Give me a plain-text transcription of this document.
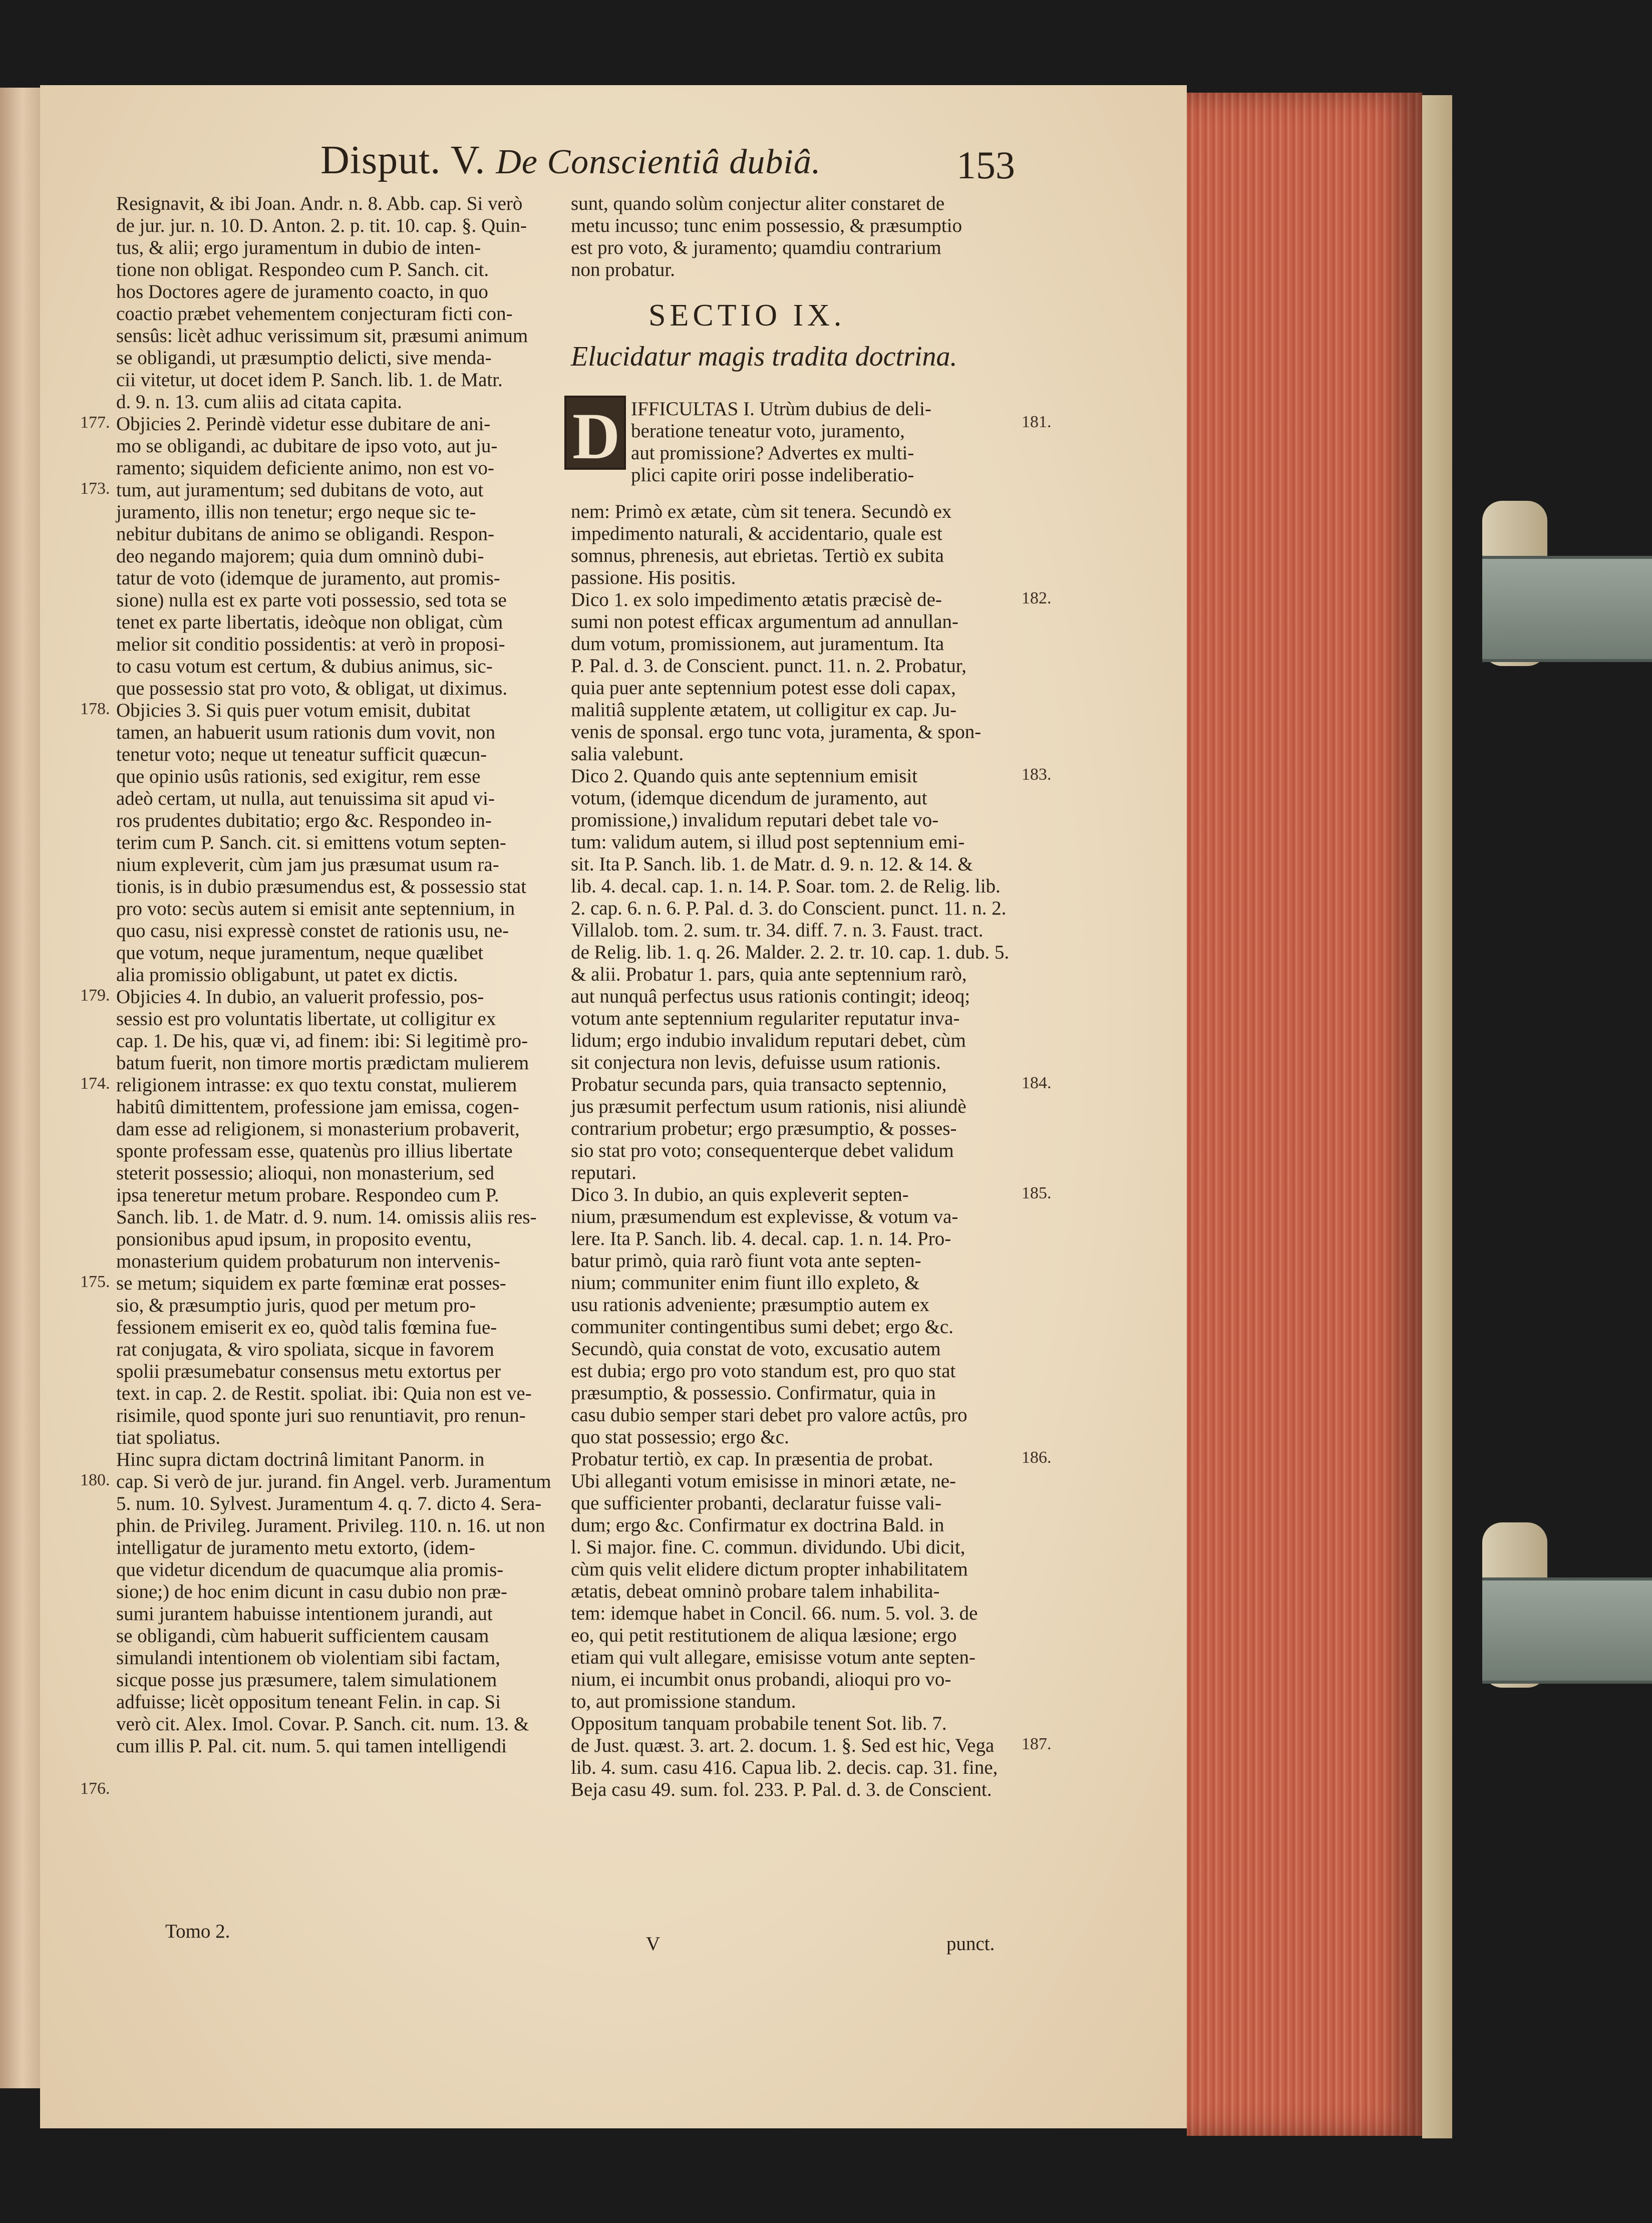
Disput. V. De Conscientiâ dubiâ.	153
Resignavit, & ibi Joan. Andr. n. 8. Abb. cap. Si verò
de jur. jur. n. 10. D. Anton. 2. p. tit. 10. cap. §. Quin-
tus, & alii; ergo juramentum in dubio de inten-
tione non obligat. Respondeo cum P. Sanch. cit.
hos Doctores agere de juramento coacto, in quo
coactio præbet vehementem conjecturam ficti con-
sensûs: licèt adhuc verissimum sit, præsumi animum
se obligandi, ut præsumptio delicti, sive menda-
cii vitetur, ut docet idem P. Sanch. lib. 1. de Matr.
d. 9. n. 13. cum aliis ad citata capita.
Objicies 2. Perindè videtur esse dubitare de ani-
mo se obligandi, ac dubitare de ipso voto, aut ju-
ramento; siquidem deficiente animo, non est vo-
tum, aut juramentum; sed dubitans de voto, aut
juramento, illis non tenetur; ergo neque sic te-
nebitur dubitans de animo se obligandi. Respon-
deo negando majorem; quia dum omninò dubi-
tatur de voto (idemque de juramento, aut promis-
sione) nulla est ex parte voti possessio, sed tota se
tenet ex parte libertatis, ideòque non obligat, cùm
melior sit conditio possidentis: at verò in proposi-
to casu votum est certum, & dubius animus, sic-
que possessio stat pro voto, & obligat, ut diximus.
Objicies 3. Si quis puer votum emisit, dubitat
tamen, an habuerit usum rationis dum vovit, non
tenetur voto; neque ut teneatur sufficit quæcun-
que opinio usûs rationis, sed exigitur, rem esse
adeò certam, ut nulla, aut tenuissima sit apud vi-
ros prudentes dubitatio; ergo &c. Respondeo in-
terim cum P. Sanch. cit. si emittens votum septen-
nium expleverit, cùm jam jus præsumat usum ra-
tionis, is in dubio præsumendus est, & possessio stat
pro voto: secùs autem si emisit ante septennium, in
quo casu, nisi expressè constet de rationis usu, ne-
que votum, neque juramentum, neque quælibet
alia promissio obligabunt, ut patet ex dictis.
Objicies 4. In dubio, an valuerit professio, pos-
sessio est pro voluntatis libertate, ut colligitur ex
cap. 1. De his, quæ vi, ad finem: ibi: Si legitimè pro-
batum fuerit, non timore mortis prædictam mulierem
religionem intrasse: ex quo textu constat, mulierem
habitû dimittentem, professione jam emissa, cogen-
dam esse ad religionem, si monasterium probaverit,
sponte professam esse, quatenùs pro illius libertate
steterit possessio; alioqui, non monasterium, sed
ipsa teneretur metum probare. Respondeo cum P.
Sanch. lib. 1. de Matr. d. 9. num. 14. omissis aliis res-
ponsionibus apud ipsum, in proposito eventu,
monasterium quidem probaturum non intervenis-
se metum; siquidem ex parte fœminæ erat posses-
sio, & præsumptio juris, quod per metum pro-
fessionem emiserit ex eo, quòd talis fœmina fue-
rat conjugata, & viro spoliata, sicque in favorem
spolii præsumebatur consensus metu extortus per
text. in cap. 2. de Restit. spoliat. ibi: Quia non est ve-
risimile, quod sponte juri suo renuntiavit, pro renun-
tiat spoliatus.
Hinc supra dictam doctrinâ limitant Panorm. in
cap. Si verò de jur. jurand. fin Angel. verb. Juramentum
5. num. 10. Sylvest. Juramentum 4. q. 7. dicto 4. Sera-
phin. de Privileg. Jurament. Privileg. 110. n. 16. ut non
intelligatur de juramento metu extorto, (idem-
que videtur dicendum de quacumque alia promis-
sione;) de hoc enim dicunt in casu dubio non præ-
sumi jurantem habuisse intentionem jurandi, aut
se obligandi, cùm habuerit sufficientem causam
simulandi intentionem ob violentiam sibi factam,
sicque posse jus præsumere, talem simulationem
adfuisse; licèt oppositum teneant Felin. in cap. Si
verò cit. Alex. Imol. Covar. P. Sanch. cit. num. 13. &
cum illis P. Pal. cit. num. 5. qui tamen intelligendi
177.
173.
178.
179.
174.
175.
180.
176.
sunt, quando solùm conjectur aliter constaret de
metu incusso; tunc enim possessio, & præsumptio
est pro voto, & juramento; quamdiu contrarium
non probatur.
SECTIO IX.
Elucidatur magis tradita doctrina.
D IFFICULTAS I. Utrùm dubius de deli-
beratione teneatur voto, juramento,
aut promissione? Advertes ex multi-
plici capite oriri posse indeliberatio-
nem: Primò ex ætate, cùm sit tenera. Secundò ex
impedimento naturali, & accidentario, quale est
somnus, phrenesis, aut ebrietas. Tertiò ex subita
passione. His positis.
Dico 1. ex solo impedimento ætatis præcisè de-
sumi non potest efficax argumentum ad annullan-
dum votum, promissionem, aut juramentum. Ita
P. Pal. d. 3. de Conscient. punct. 11. n. 2. Probatur,
quia puer ante septennium potest esse doli capax,
malitiâ supplente ætatem, ut colligitur ex cap. Ju-
venis de sponsal. ergo tunc vota, juramenta, & spon-
salia valebunt.
Dico 2. Quando quis ante septennium emisit
votum, (idemque dicendum de juramento, aut
promissione,) invalidum reputari debet tale vo-
tum: validum autem, si illud post septennium emi-
sit. Ita P. Sanch. lib. 1. de Matr. d. 9. n. 12. & 14. &
lib. 4. decal. cap. 1. n. 14. P. Soar. tom. 2. de Relig. lib.
2. cap. 6. n. 6. P. Pal. d. 3. do Conscient. punct. 11. n. 2.
Villalob. tom. 2. sum. tr. 34. diff. 7. n. 3. Faust. tract.
de Relig. lib. 1. q. 26. Malder. 2. 2. tr. 10. cap. 1. dub. 5.
& alii. Probatur 1. pars, quia ante septennium rarò,
aut nunquâ perfectus usus rationis contingit; ideoq;
votum ante septennium regulariter reputatur inva-
lidum; ergo indubio invalidum reputari debet, cùm
sit conjectura non levis, defuisse usum rationis.
Probatur secunda pars, quia transacto septennio,
jus præsumit perfectum usum rationis, nisi aliundè
contrarium probetur; ergo præsumptio, & posses-
sio stat pro voto; consequenterque debet validum
reputari.
Dico 3. In dubio, an quis expleverit septen-
nium, præsumendum est explevisse, & votum va-
lere. Ita P. Sanch. lib. 4. decal. cap. 1. n. 14. Pro-
batur primò, quia rarò fiunt vota ante septen-
nium; communiter enim fiunt illo expleto, &
usu rationis adveniente; præsumptio autem ex
communiter contingentibus sumi debet; ergo &c.
Secundò, quia constat de voto, excusatio autem
est dubia; ergo pro voto standum est, pro quo stat
præsumptio, & possessio. Confirmatur, quia in
casu dubio semper stari debet pro valore actûs, pro
quo stat possessio; ergo &c.
Probatur tertiò, ex cap. In præsentia de probat.
Ubi alleganti votum emisisse in minori ætate, ne-
que sufficienter probanti, declaratur fuisse vali-
dum; ergo &c. Confirmatur ex doctrina Bald. in
l. Si major. fine. C. commun. dividundo. Ubi dicit,
cùm quis velit elidere dictum propter inhabilitatem
ætatis, debeat omninò probare talem inhabilita-
tem: idemque habet in Concil. 66. num. 5. vol. 3. de
eo, qui petit restitutionem de aliqua læsione; ergo
etiam qui vult allegare, emisisse votum ante septen-
nium, ei incumbit onus probandi, alioqui pro vo-
to, aut promissione standum.
Oppositum tanquam probabile tenent Sot. lib. 7.
de Just. quæst. 3. art. 2. docum. 1. §. Sed est hic, Vega
lib. 4. sum. casu 416. Capua lib. 2. decis. cap. 31. fine,
Beja casu 49. sum. fol. 233. P. Pal. d. 3. de Conscient.
181.
182.
183.
184.
185.
186.
187.
Tomo 2.
V	punct.
